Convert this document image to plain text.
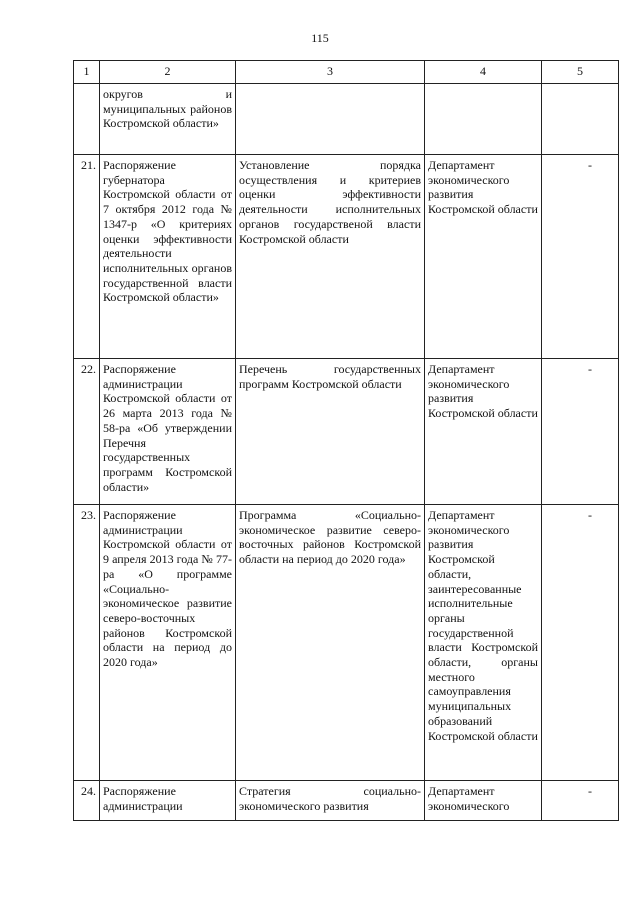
115
1	2	3	4	5
	округов и муниципальных районов Костромской области»			
21.	Распоряжение губернатора Костромской области от 7 октября 2012 года № 1347-р «О критериях оценки эффективности деятельности исполнительных органов государственной власти Костромской области»	Установление порядка осуществления и критериев оценки эффективности деятельности исполнительных органов государственой власти Костромской области	Департамент экономического развития Костромской области	-
22.	Распоряжение администрации Костромской области от 26 марта 2013 года № 58-ра «Об утверждении Перечня государственных программ Костромской области»	Перечень государственных программ Костромской области	Департамент экономического развития Костромской области	-
23.	Распоряжение администрации Костромской области от 9 апреля 2013 года № 77-ра «О программе «Социально-экономическое развитие северо-восточных районов Костромской области на период до 2020 года»	Программа «Социально-экономическое развитие северо-восточных районов Костромской области на период до 2020 года»	Департамент экономического развития Костромской области, заинтересованные исполнительные органы государственной власти Костромской области, органы местного самоуправления муниципальных образований Костромской области	-
24.	Распоряжение администрации	Стратегия социально-экономического развития	Департамент экономического	-
